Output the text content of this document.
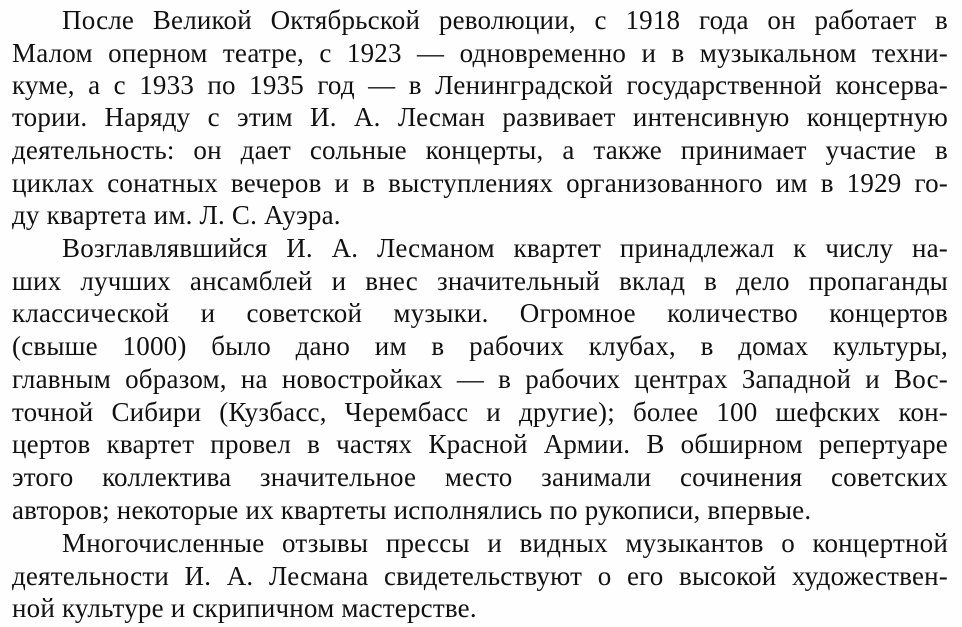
После Великой Октябрьской революции, с 1918 года он работает в
Малом оперном театре, с 1923 — одновременно и в музыкальном техни-
куме, а с 1933 по 1935 год — в Ленинградской государственной консерва-
тории. Наряду с этим И. А. Лесман развивает интенсивную концертную
деятельность: он дает сольные концерты, а также принимает участие в
циклах сонатных вечеров и в выступлениях организованного им в 1929 го-
ду квартета им. Л. С. Ауэра.
Возглавлявшийся И. А. Лесманом квартет принадлежал к числу на-
ших лучших ансамблей и внес значительный вклад в дело пропаганды
классической и советской музыки. Огромное количество концертов
(свыше 1000) было дано им в рабочих клубах, в домах культуры,
главным образом, на новостройках — в рабочих центрах Западной и Вос-
точной Сибири (Кузбасс, Черембасс и другие); более 100 шефских кон-
цертов квартет провел в частях Красной Армии. В обширном репертуаре
этого коллектива значительное место занимали сочинения советских
авторов; некоторые их квартеты исполнялись по рукописи, впервые.
Многочисленные отзывы прессы и видных музыкантов о концертной
деятельности И. А. Лесмана свидетельствуют о его высокой художествен-
ной культуре и скрипичном мастерстве.
